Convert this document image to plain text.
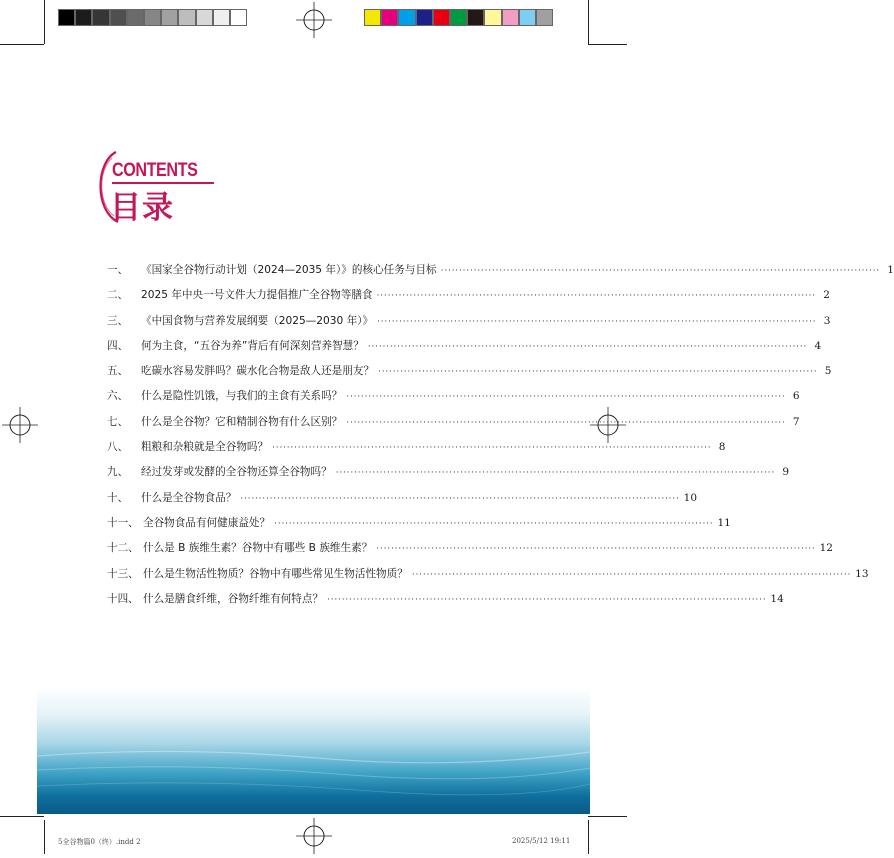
CONTENTS
目录
一、	《国家全谷物行动计划（2024—2035 年）》的核心任务与目标 ························································································································ 1
二、	2025 年中央一号文件大力提倡推广全谷物等膳食 ························································································································ 2
三、	《中国食物与营养发展纲要（2025—2030 年）》 ························································································································ 3
四、	何为主食，“五谷为养”背后有何深刻营养智慧？ ························································································································ 4
五、	吃碳水容易发胖吗？碳水化合物是敌人还是朋友？ ························································································································ 5
六、	什么是隐性饥饿，与我们的主食有关系吗？ ························································································································ 6
七、	什么是全谷物？它和精制谷物有什么区别？ ························································································································ 7
八、	粗粮和杂粮就是全谷物吗？ ························································································································ 8
九、	经过发芽或发酵的全谷物还算全谷物吗？ ························································································································ 9
十、	什么是全谷物食品？ ························································································································ 10
十一、 全谷物食品有何健康益处？ ························································································································ 11
十二、 什么是 B 族维生素？谷物中有哪些 B 族维生素？ ························································································································ 12
十三、 什么是生物活性物质？谷物中有哪些常见生物活性物质？ ························································································································ 13
十四、 什么是膳食纤维，谷物纤维有何特点？ ························································································································ 14
5全谷物篇0（终）.indd 2	2025/5/12 19:11
